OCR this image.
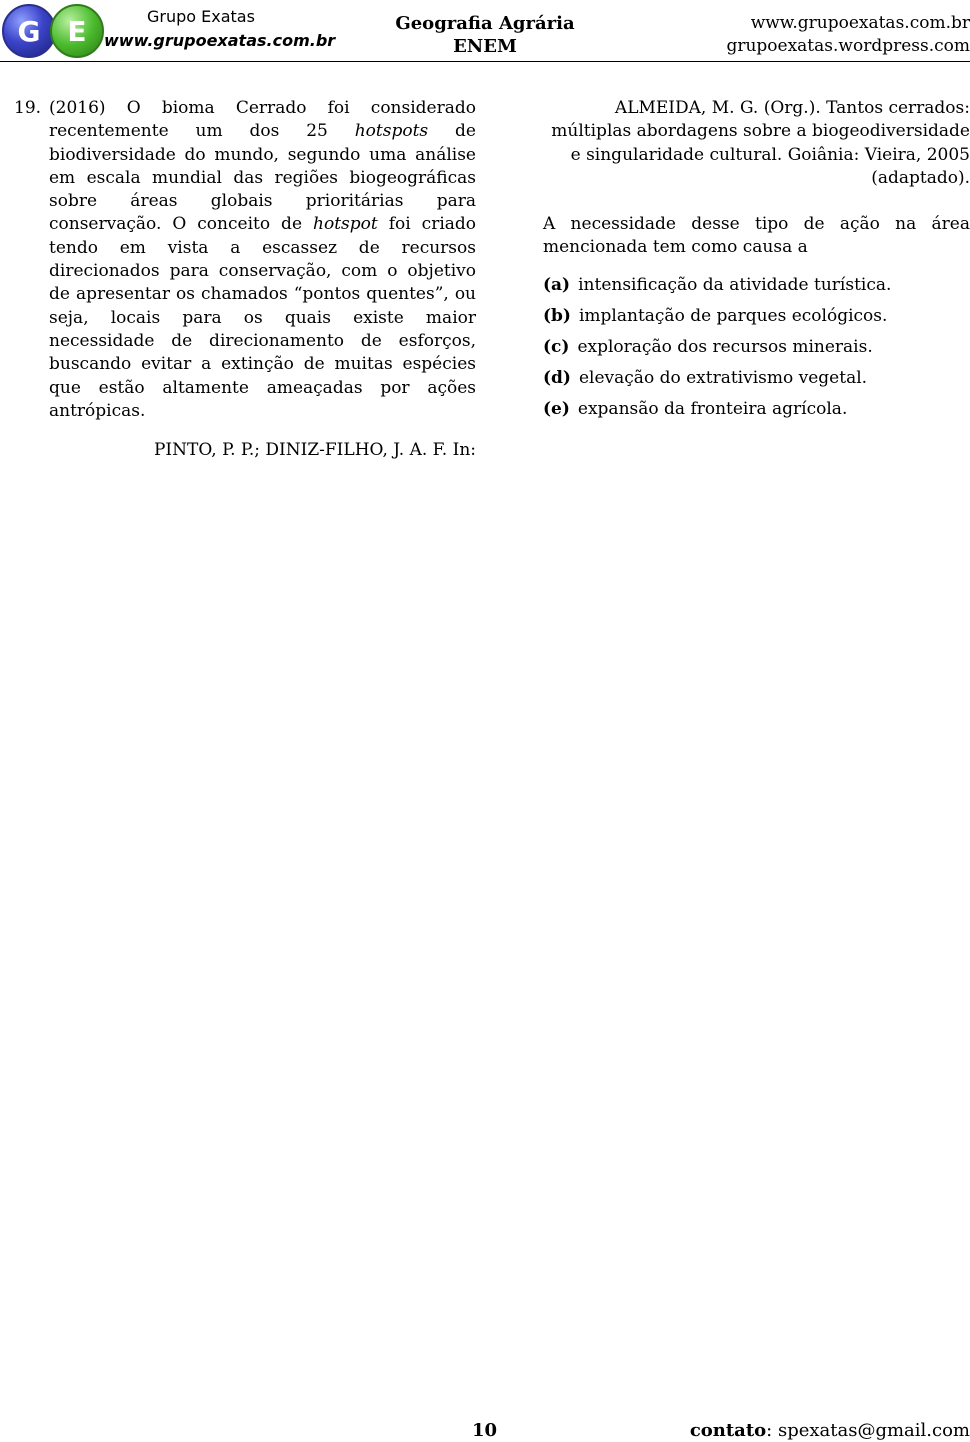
G E	Grupo Exatas
www.grupoexatas.com.br
Geografia Agrária
ENEM
www.grupoexatas.com.br
grupoexatas.wordpress.com
19. (2016) O bioma Cerrado foi considerado recentemente um dos 25 hotspots de biodiversidade do mundo, segundo uma análise em escala mundial das regiões biogeográficas sobre áreas globais prioritárias para conservação. O conceito de hotspot foi criado tendo em vista a escassez de recursos direcionados para conservação, com o objetivo de apresentar os chamados “pontos quentes”, ou seja, locais para os quais existe maior necessidade de direcionamento de esforços, buscando evitar a extinção de muitas espécies que estão altamente ameaçadas por ações antrópicas.
PINTO, P. P.; DINIZ-FILHO, J. A. F. In:
ALMEIDA, M. G. (Org.). Tantos cerrados: múltiplas abordagens sobre a biogeodiversidade e singularidade cultural. Goiânia: Vieira, 2005 (adaptado).
A necessidade desse tipo de ação na área mencionada tem como causa a
(a) intensificação da atividade turística.
(b) implantação de parques ecológicos.
(c) exploração dos recursos minerais.
(d) elevação do extrativismo vegetal.
(e) expansão da fronteira agrícola.
10	contato: spexatas@gmail.com
